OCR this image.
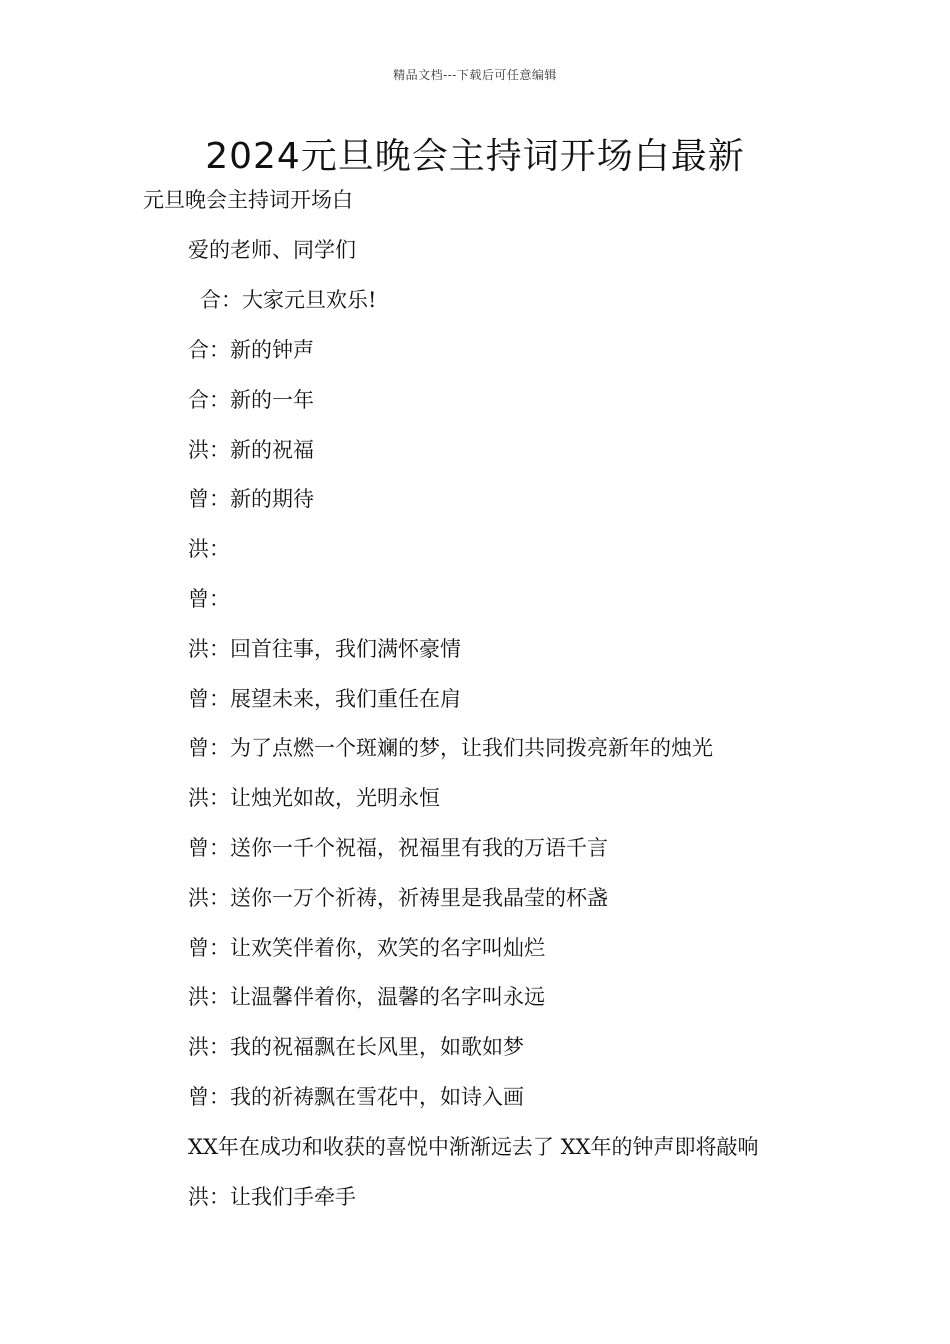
精品文档---下载后可任意编辑
2024元旦晚会主持词开场白最新
元旦晚会主持词开场白
爱的老师、同学们
合：大家元旦欢乐!
合：新的钟声
合：新的一年
洪：新的祝福
曾：新的期待
洪：
曾：
洪：回首往事，我们满怀豪情
曾：展望未来，我们重任在肩
曾：为了点燃一个斑斓的梦，让我们共同拨亮新年的烛光
洪：让烛光如故，光明永恒
曾：送你一千个祝福，祝福里有我的万语千言
洪：送你一万个祈祷，祈祷里是我晶莹的杯盏
曾：让欢笑伴着你，欢笑的名字叫灿烂
洪：让温馨伴着你，温馨的名字叫永远
洪：我的祝福飘在长风里，如歌如梦
曾：我的祈祷飘在雪花中，如诗入画
XX年在成功和收获的喜悦中渐渐远去了 XX年的钟声即将敲响
洪：让我们手牵手
